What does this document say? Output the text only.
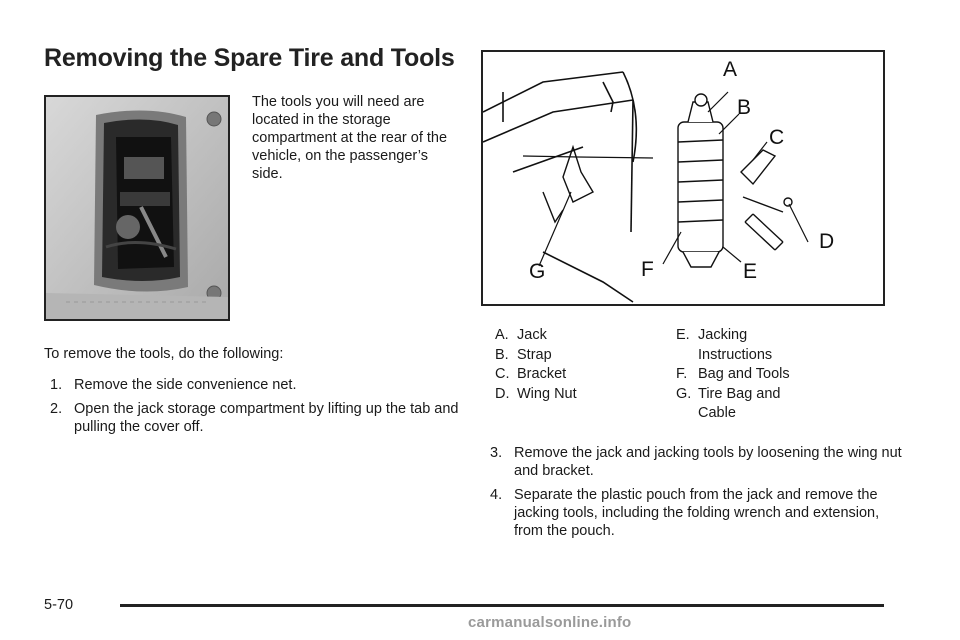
Removing the Spare Tire and Tools
The tools you will need are located in the storage compartment at the rear of the vehicle, on the passenger’s side.
To remove the tools, do the following:
1. Remove the side convenience net.
2. Open the jack storage compartment by lifting up the tab and pulling the cover off.
A
B
C
D
E
F
G
A. Jack
B. Strap
C. Bracket
D. Wing Nut
E. Jacking Instructions
F. Bag and Tools
G. Tire Bag and Cable
3. Remove the jack and jacking tools by loosening the wing nut and bracket.
4. Separate the plastic pouch from the jack and remove the jacking tools, including the folding wrench and extension, from the pouch.
5-70
carmanualsonline.info
